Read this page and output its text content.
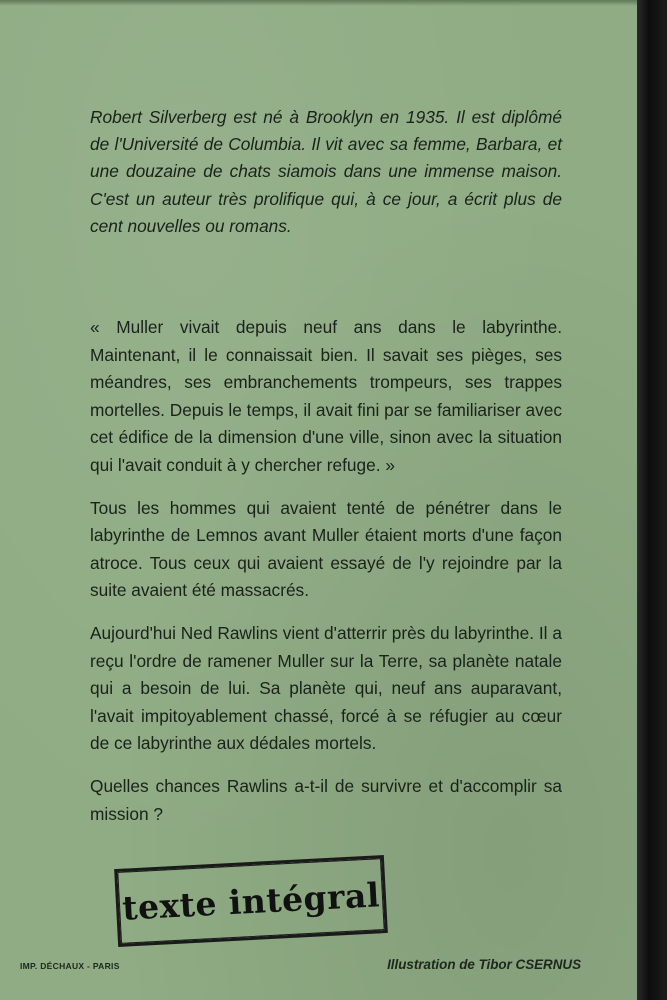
Robert Silverberg est né à Brooklyn en 1935. Il est diplômé de l'Université de Columbia. Il vit avec sa femme, Barbara, et une douzaine de chats siamois dans une immense maison. C'est un auteur très prolifique qui, à ce jour, a écrit plus de cent nouvelles ou romans.

« Muller vivait depuis neuf ans dans le labyrinthe. Maintenant, il le connaissait bien. Il savait ses pièges, ses méandres, ses embranchements trompeurs, ses trappes mortelles. Depuis le temps, il avait fini par se familiariser avec cet édifice de la dimension d'une ville, sinon avec la situation qui l'avait conduit à y chercher refuge. »

Tous les hommes qui avaient tenté de pénétrer dans le labyrinthe de Lemnos avant Muller étaient morts d'une façon atroce. Tous ceux qui avaient essayé de l'y rejoindre par la suite avaient été massacrés.

Aujourd'hui Ned Rawlins vient d'atterrir près du labyrinthe. Il a reçu l'ordre de ramener Muller sur la Terre, sa planète natale qui a besoin de lui. Sa planète qui, neuf ans auparavant, l'avait impitoyablement chassé, forcé à se réfugier au cœur de ce labyrinthe aux dédales mortels.

Quelles chances Rawlins a-t-il de survivre et d'accomplir sa mission ?

texte intégral
IMP. DÉCHAUX - PARIS	Illustration de Tibor CSERNUS
